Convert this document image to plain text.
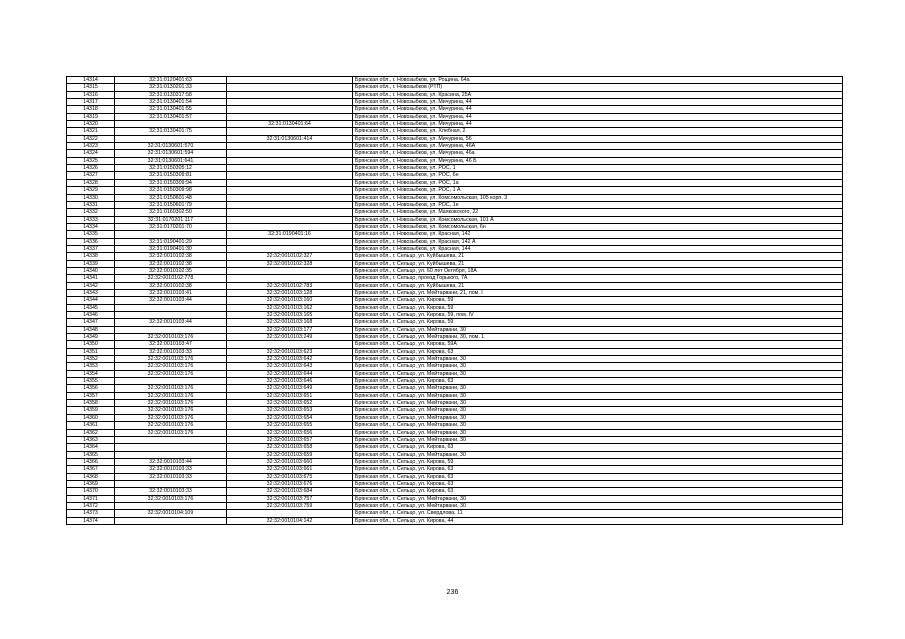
14314	32:31:0120401:63		Брянская обл., г. Новозыбков, ул. Рощина, 64а
14315	32:31:0130201:33		Брянская обл., г. Новозыбков (РТП)
14316	32:31:0130317:58		Брянская обл., г. Новозыбков, ул. Красина, 25А
14317	32:31:0130401:54		Брянская обл., г. Новозыбков, ул. Мичурина, 44
14318	32:31:0130401:55		Брянская обл., г. Новозыбков, ул. Мичурина, 44
14319	32:31:0130401:57		Брянская обл., г. Новозыбков, ул. Мичурина, 44
14320		32:31:0130401:64	Брянская обл., г. Новозыбков, ул. Мичурина, 44
14321	32:31:0130401:75		Брянская обл., г. Новозыбков, ул. Хлебная, 2
14322		32:31:0130601:414	Брянская обл., г. Новозыбков, ул. Мичурина, 56
14323	32:31:0130601:570		Брянская обл., г. Новозыбков, ул. Мичурина, 46А
14324	32:31:0130601:594		Брянская обл., г. Новозыбков, ул. Мичурина, 46а
14325	32:31:0130601:641		Брянская обл., г. Новозыбков, ул. Мичурина, 46 Б
14326	32:31:0150305:12		Брянская обл., г. Новозыбков, ул. РОС, 1
14327	32:31:0150309:81		Брянская обл., г. Новозыбков, ул. РОС, 6н
14328	32:31:0150309:94		Брянская обл., г. Новозыбков, ул. РОС, 1а
14329	32:31:0150309:98		Брянская обл., г. Новозыбков, ул. РОС, 1 А
14330	32:31:0150601:48		Брянская обл., г. Новозыбков, ул. Комсомольская, 105 корп. 3
14331	32:31:0150601:79		Брянская обл., г. Новозыбков, ул. РОС, 1е
14332	32:31:0160302:50		Брянская обл., г. Новозыбков, ул. Маяковского, 22
14333	32:31:0170201:117		Брянская обл., г. Новозыбков, ул. Комсомольская, 101 А
14334	32:31:0170201:70		Брянская обл., г. Новозыбков, ул. Комсомольская, 6н
14335		32:31:0190401:16	Брянская обл., г. Новозыбков, ул. Красная, 142
14336	32:31:0190401:29		Брянская обл., г. Новозыбков, ул. Красная, 142 А
14337	32:31:0190401:30		Брянская обл., г. Новозыбков, ул. Красная, 144
14338	32:32:0010102:38	32:32:0010102:327	Брянская обл., г. Сельцо, ул. Куйбышева, 21
14339	32:32:0010102:38	32:32:0010102:328	Брянская обл., г. Сельцо, ул. Куйбышева, 21
14340	32:32:0010102:35		Брянская обл., г. Сельцо, ул. 60 лет Октября, 18А
14341	32:32:0010102:778		Брянская обл., г. Сельцо, проезд Горького, 7А
14342	32:32:0010102:38	32:32:0010102:783	Брянская обл., г. Сельцо, ул. Куйбышева, 21
14343	32:32:0010103:41	32:32:0010103:128	Брянская обл., г. Сельцо, ул. Мейтарвани, 21, пом. I
14344	32:32:0010103:44	32:32:0010103:160	Брянская обл., г. Сельцо, ул. Кирова, 59
14345		32:32:0010103:162	Брянская обл., г. Сельцо, ул. Кирова, 59
14346		32:32:0010103:165	Брянская обл., г. Сельцо, ул. Кирова, 59, пом. IV
14347	32:32:0010103:44	32:32:0010103:168	Брянская обл., г. Сельцо, ул. Кирова, 59
14348		32:32:0010103:177	Брянская обл., г. Сельцо, ул. Мейтарвани, 30
14349	32:32:0010103:176	32:32:0010103:249	Брянская обл., г. Сельцо, ул. Мейтарвани, 30, пом. 1
14350	32:32:0010103:47		Брянская обл., г. Сельцо, ул. Кирова, 59А
14351	32:32:0010103:33	32:32:0010103:623	Брянская обл., г. Сельцо, ул. Кирова, 63
14352	32:32:0010103:176	32:32:0010103:642	Брянская обл., г. Сельцо, ул. Мейтарвани, 30
14353	32:32:0010103:176	32:32:0010103:643	Брянская обл., г. Сельцо, ул. Мейтарвани, 30
14354	32:32:0010103:176	32:32:0010103:644	Брянская обл., г. Сельцо, ул. Мейтарвани, 30
14355		32:32:0010103:646	Брянская обл., г. Сельцо, ул. Кирова, 63
14356	32:32:0010103:176	32:32:0010103:649	Брянская обл., г. Сельцо, ул. Мейтарвани, 30
14357	32:32:0010103:176	32:32:0010103:651	Брянская обл., г. Сельцо, ул. Мейтарвани, 30
14358	32:32:0010103:176	32:32:0010103:652	Брянская обл., г. Сельцо, ул. Мейтарвани, 30
14359	32:32:0010103:176	32:32:0010103:653	Брянская обл., г. Сельцо, ул. Мейтарвани, 30
14360	32:32:0010103:176	32:32:0010103:654	Брянская обл., г. Сельцо, ул. Мейтарвани, 30
14361	32:32:0010103:176	32:32:0010103:655	Брянская обл., г. Сельцо, ул. Мейтарвани, 30
14362	32:32:0010103:176	32:32:0010103:656	Брянская обл., г. Сельцо, ул. Мейтарвани, 30
14363		32:32:0010103:657	Брянская обл., г. Сельцо, ул. Мейтарвани, 30
14364		32:32:0010103:658	Брянская обл., г. Сельцо, ул. Кирова, 63
14365		32:32:0010103:659	Брянская обл., г. Сельцо, ул. Мейтарвани, 30
14366	32:32:0010103:44	32:32:0010103:660	Брянская обл., г. Сельцо, ул. Кирова, 59
14367	32:32:0010103:33	32:32:0010103:661	Брянская обл., г. Сельцо, ул. Кирова, 63
14368	32:32:0010103:33	32:32:0010103:675	Брянская обл., г. Сельцо, ул. Кирова, 63
14369		32:32:0010103:676	Брянская обл., г. Сельцо, ул. Кирова, 63
14370	32:32:0010103:33	32:32:0010103:684	Брянская обл., г. Сельцо, ул. Кирова, 63
14371	32:32:0010103:176	32:32:0010103:757	Брянская обл., г. Сельцо, ул. Мейтарвани, 30
14372		32:32:0010103:759	Брянская обл., г. Сельцо, ул. Мейтарвани, 30
14373	32:32:0010104:109		Брянская обл., г. Сельцо, ул. Свердлова, 11
14374		32:32:0010104:142	Брянская обл., г. Сельцо, ул. Кирова, 44
236
